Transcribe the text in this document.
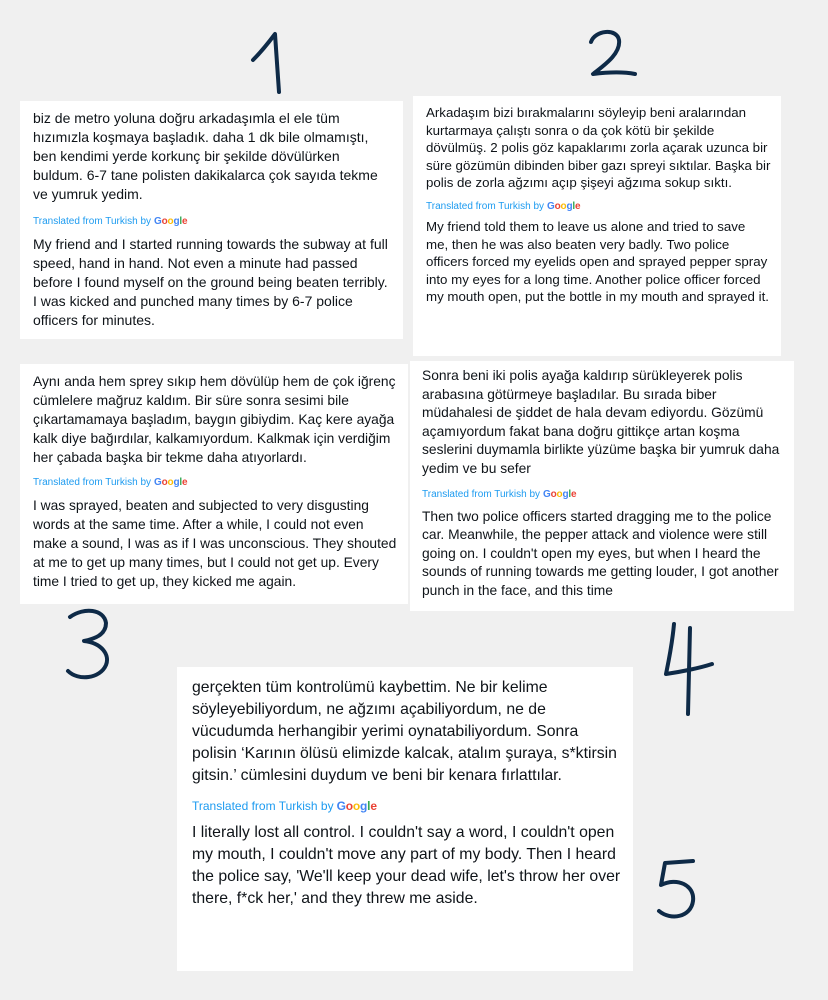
biz de metro yoluna doğru arkadaşımla el ele tüm hızımızla koşmaya başladık. daha 1 dk bile olmamıştı, ben kendimi yerde korkunç bir şekilde dövülürken buldum. 6-7 tane polisten dakikalarca çok sayıda tekme ve yumruk yedim.

Translated from Turkish by Google

My friend and I started running towards the subway at full speed, hand in hand. Not even a minute had passed before I found myself on the ground being beaten terribly. I was kicked and punched many times by 6-7 police officers for minutes.

Arkadaşım bizi bırakmalarını söyleyip beni aralarından kurtarmaya çalıştı sonra o da çok kötü bir şekilde dövülmüş. 2 polis göz kapaklarımı zorla açarak uzunca bir süre gözümün dibinden biber gazı spreyi sıktılar. Başka bir polis de zorla ağzımı açıp şişeyi ağzıma sokup sıktı.

Translated from Turkish by Google

My friend told them to leave us alone and tried to save me, then he was also beaten very badly. Two police officers forced my eyelids open and sprayed pepper spray into my eyes for a long time. Another police officer forced my mouth open, put the bottle in my mouth and sprayed it.

Aynı anda hem sprey sıkıp hem dövülüp hem de çok iğrenç cümlelere mağruz kaldım. Bir süre sonra sesimi bile çıkartamamaya başladım, baygın gibiydim. Kaç kere ayağa kalk diye bağırdılar, kalkamıyordum. Kalkmak için verdiğim her çabada başka bir tekme daha atıyorlardı.

Translated from Turkish by Google

I was sprayed, beaten and subjected to very disgusting words at the same time. After a while, I could not even make a sound, I was as if I was unconscious. They shouted at me to get up many times, but I could not get up. Every time I tried to get up, they kicked me again.

Sonra beni iki polis ayağa kaldırıp sürükleyerek polis arabasına götürmeye başladılar. Bu sırada biber müdahalesi de şiddet de hala devam ediyordu. Gözümü açamıyordum fakat bana doğru gittikçe artan koşma seslerini duymamla birlikte yüzüme başka bir yumruk daha yedim ve bu sefer

Translated from Turkish by Google

Then two police officers started dragging me to the police car. Meanwhile, the pepper attack and violence were still going on. I couldn't open my eyes, but when I heard the sounds of running towards me getting louder, I got another punch in the face, and this time

gerçekten tüm kontrolümü kaybettim. Ne bir kelime söyleyebiliyordum, ne ağzımı açabiliyordum, ne de vücudumda herhangibir yerimi oynatabiliyordum. Sonra polisin ‘Karının ölüsü elimizde kalcak, atalım şuraya, s*ktirsin gitsin.’ cümlesini duydum ve beni bir kenara fırlattılar.

Translated from Turkish by Google

I literally lost all control. I couldn't say a word, I couldn't open my mouth, I couldn't move any part of my body. Then I heard the police say, 'We'll keep your dead wife, let's throw her over there, f*ck her,' and they threw me aside.
